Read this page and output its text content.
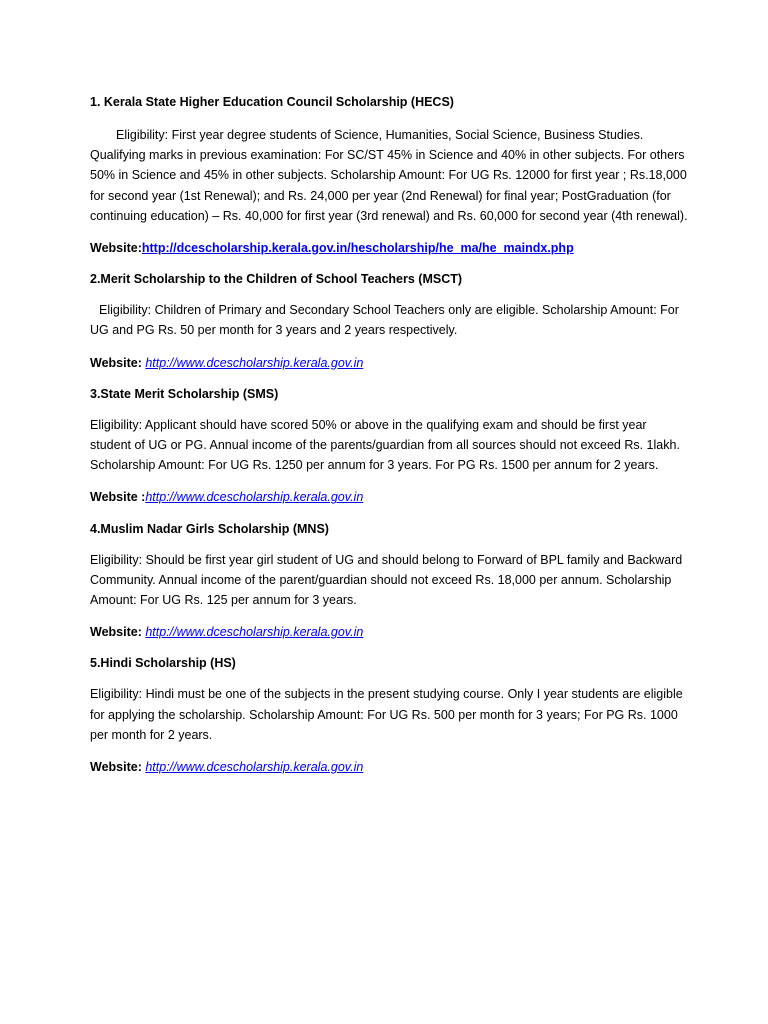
1. Kerala State Higher Education Council Scholarship (HECS)

Eligibility: First year degree students of Science, Humanities, Social Science, Business Studies. Qualifying marks in previous examination: For SC/ST 45% in Science and 40% in other subjects. For others 50% in Science and 45% in other subjects. Scholarship Amount: For UG Rs. 12000 for first year ; Rs.18,000 for second year (1st Renewal); and Rs. 24,000 per year (2nd Renewal) for final year; PostGraduation (for continuing education) – Rs. 40,000 for first year (3rd renewal) and Rs. 60,000 for second year (4th renewal).

Website:http://dcescholarship.kerala.gov.in/hescholarship/he_ma/he_maindx.php

2.Merit Scholarship to the Children of School Teachers (MSCT)

Eligibility: Children of Primary and Secondary School Teachers only are eligible. Scholarship Amount: For UG and PG Rs. 50 per month for 3 years and 2 years respectively.

Website: http://www.dcescholarship.kerala.gov.in

3.State Merit Scholarship (SMS)

Eligibility: Applicant should have scored 50% or above in the qualifying exam and should be first year student of UG or PG. Annual income of the parents/guardian from all sources should not exceed Rs. 1lakh. Scholarship Amount: For UG Rs. 1250 per annum for 3 years. For PG Rs. 1500 per annum for 2 years.

Website :http://www.dcescholarship.kerala.gov.in

4.Muslim Nadar Girls Scholarship (MNS)

Eligibility: Should be first year girl student of UG and should belong to Forward of BPL family and Backward Community. Annual income of the parent/guardian should not exceed Rs. 18,000 per annum. Scholarship Amount: For UG Rs. 125 per annum for 3 years.

Website: http://www.dcescholarship.kerala.gov.in

5.Hindi Scholarship (HS)

Eligibility: Hindi must be one of the subjects in the present studying course. Only I year students are eligible for applying the scholarship. Scholarship Amount: For UG Rs. 500 per month for 3 years; For PG Rs. 1000 per month for 2 years.

Website: http://www.dcescholarship.kerala.gov.in
